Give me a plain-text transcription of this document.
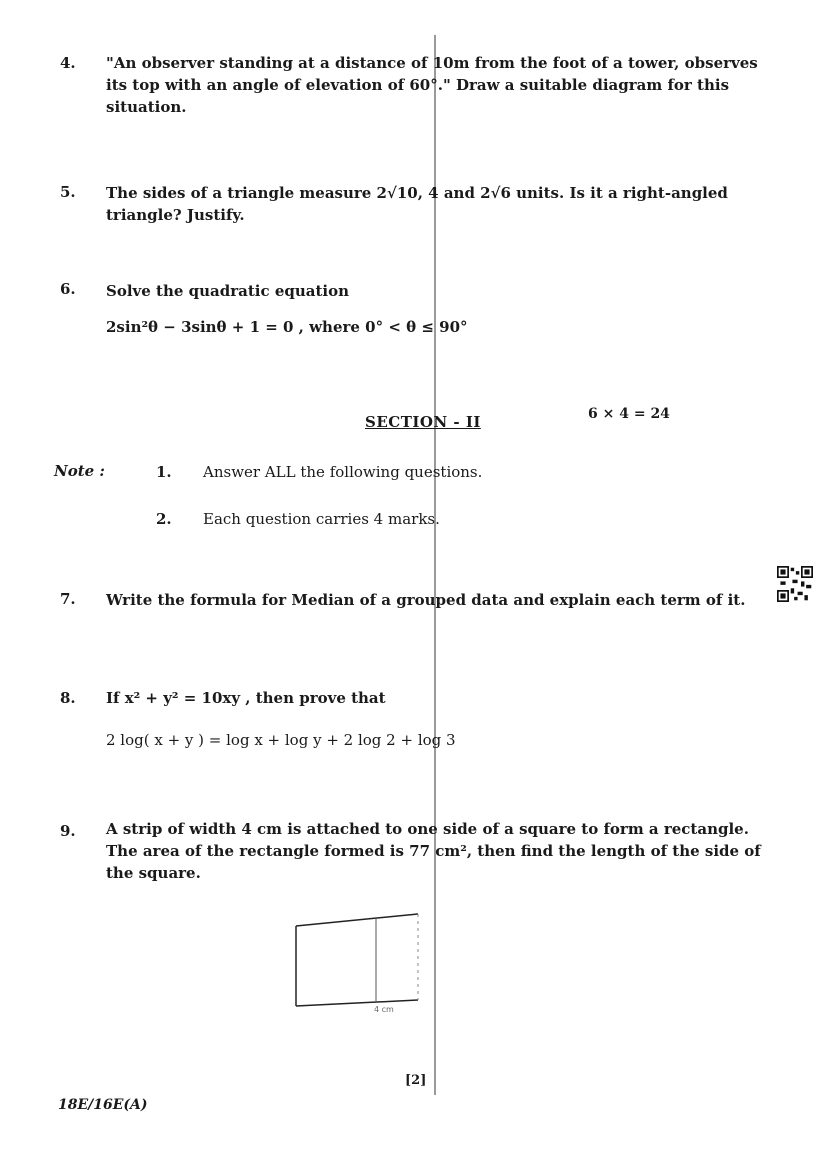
4. "An observer standing at a distance of 10m from the foot of a tower, observes
its top with an angle of elevation of 60°." Draw a suitable diagram for this
situation.
5. The sides of a triangle measure 2√10, 4 and 2√6 units. Is it a right-angled
triangle? Justify.
6. Solve the quadratic equation
2sin²θ − 3sinθ + 1 = 0 , where 0° < θ ≤ 90°
SECTION - II	6 × 4 = 24
Note :	1. Answer ALL the following questions.
2. Each question carries 4 marks.
7. Write the formula for Median of a grouped data and explain each term of it.
8. If x² + y² = 10xy , then prove that
2 log( x + y ) = log x + log y + 2 log 2 + log 3
9. A strip of width 4 cm is attached to one side of a square to form a rectangle.
The area of the rectangle formed is 77 cm², then find the length of the side of
the square.
4 cm
[2]
18E/16E(A)
